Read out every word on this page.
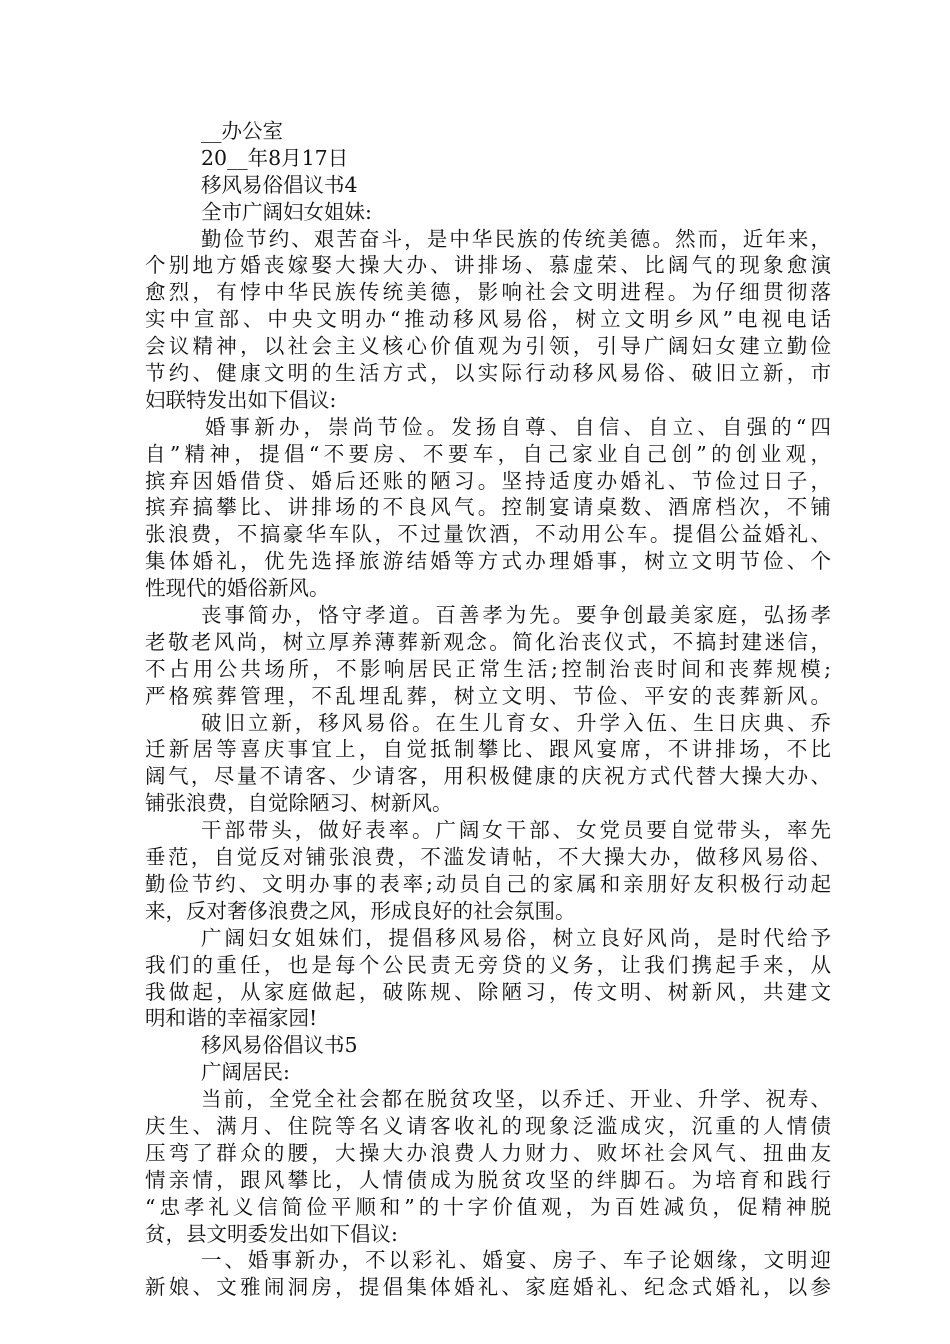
__办公室
20__年8月17日
移风易俗倡议书4
全市广阔妇女姐妹:
勤俭节约、艰苦奋斗，是中华民族的传统美德。然而，近年来，
个别地方婚丧嫁娶大操大办、讲排场、慕虚荣、比阔气的现象愈演
愈烈，有悖中华民族传统美德，影响社会文明进程。为仔细贯彻落
实中宣部、中央文明办“推动移风易俗，树立文明乡风”电视电话
会议精神，以社会主义核心价值观为引领，引导广阔妇女建立勤俭
节约、健康文明的生活方式，以实际行动移风易俗、破旧立新，市
妇联特发出如下倡议:
婚事新办，崇尚节俭。发扬自尊、自信、自立、自强的“四
自”精神，提倡“不要房、不要车，自己家业自己创”的创业观，
摈弃因婚借贷、婚后还账的陋习。坚持适度办婚礼、节俭过日子，
摈弃搞攀比、讲排场的不良风气。控制宴请桌数、酒席档次，不铺
张浪费，不搞豪华车队，不过量饮酒，不动用公车。提倡公益婚礼、
集体婚礼，优先选择旅游结婚等方式办理婚事，树立文明节俭、个
性现代的婚俗新风。
丧事简办，恪守孝道。百善孝为先。要争创最美家庭，弘扬孝
老敬老风尚，树立厚养薄葬新观念。简化治丧仪式，不搞封建迷信，
不占用公共场所，不影响居民正常生活;控制治丧时间和丧葬规模;
严格殡葬管理，不乱埋乱葬，树立文明、节俭、平安的丧葬新风。
破旧立新，移风易俗。在生儿育女、升学入伍、生日庆典、乔
迁新居等喜庆事宜上，自觉抵制攀比、跟风宴席，不讲排场，不比
阔气，尽量不请客、少请客，用积极健康的庆祝方式代替大操大办、
铺张浪费，自觉除陋习、树新风。
干部带头，做好表率。广阔女干部、女党员要自觉带头，率先
垂范，自觉反对铺张浪费，不滥发请帖，不大操大办，做移风易俗、
勤俭节约、文明办事的表率;动员自己的家属和亲朋好友积极行动起
来，反对奢侈浪费之风，形成良好的社会氛围。
广阔妇女姐妹们，提倡移风易俗，树立良好风尚，是时代给予
我们的重任，也是每个公民责无旁贷的义务，让我们携起手来，从
我做起，从家庭做起，破陈规、除陋习，传文明、树新风，共建文
明和谐的幸福家园!
移风易俗倡议书5
广阔居民:
当前，全党全社会都在脱贫攻坚，以乔迁、开业、升学、祝寿、
庆生、满月、住院等名义请客收礼的现象泛滥成灾，沉重的人情债
压弯了群众的腰，大操大办浪费人力财力、败坏社会风气、扭曲友
情亲情，跟风攀比，人情债成为脱贫攻坚的绊脚石。为培育和践行
“忠孝礼义信简俭平顺和”的十字价值观，为百姓减负，促精神脱
贫，县文明委发出如下倡议:
一、婚事新办，不以彩礼、婚宴、房子、车子论姻缘，文明迎
新娘、文雅闹洞房，提倡集体婚礼、家庭婚礼、纪念式婚礼，以参
